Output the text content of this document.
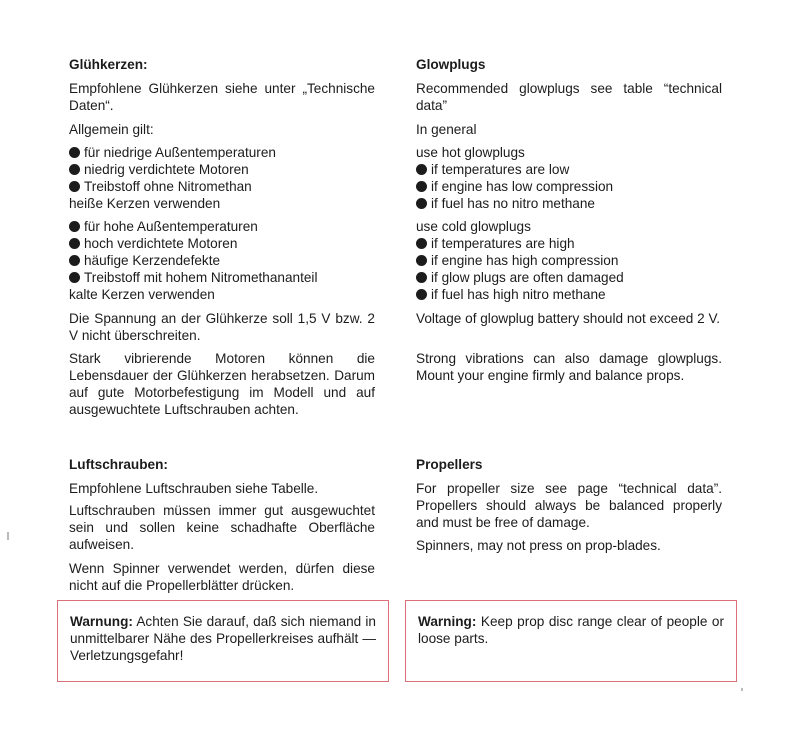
Glühkerzen:
Empfohlene Glühkerzen siehe unter „Technische Daten“.
Allgemein gilt:
für niedrige Außentemperaturen
niedrig verdichtete Motoren
Treibstoff ohne Nitromethan
heiße Kerzen verwenden
für hohe Außentemperaturen
hoch verdichtete Motoren
häufige Kerzendefekte
Treibstoff mit hohem Nitromethananteil
kalte Kerzen verwenden
Die Spannung an der Glühkerze soll 1,5 V bzw. 2 V nicht überschreiten.
Stark vibrierende Motoren können die Lebensdauer der Glühkerzen herabsetzen. Darum auf gute Motorbefestigung im Modell und auf ausgewuchtete Luftschrauben achten.
Luftschrauben:
Empfohlene Luftschrauben siehe Tabelle.
Luftschrauben müssen immer gut ausgewuchtet sein und sollen keine schadhafte Oberfläche aufweisen.
Wenn Spinner verwendet werden, dürfen diese nicht auf die Propellerblätter drücken.
Warnung: Achten Sie darauf, daß sich niemand in unmittelbarer Nähe des Propellerkreises aufhält — Verletzungsgefahr!
Glowplugs
Recommended glowplugs see table “technical data”
In general
use hot glowplugs
if temperatures are low
if engine has low compression
if fuel has no nitro methane
use cold glowplugs
if temperatures are high
if engine has high compression
if glow plugs are often damaged
if fuel has high nitro methane
Voltage of glowplug battery should not exceed 2 V.
Strong vibrations can also damage glowplugs. Mount your engine firmly and balance props.
Propellers
For propeller size see page “technical data”. Propellers should always be balanced properly and must be free of damage.
Spinners, may not press on prop-blades.
Warning: Keep prop disc range clear of people or loose parts.
